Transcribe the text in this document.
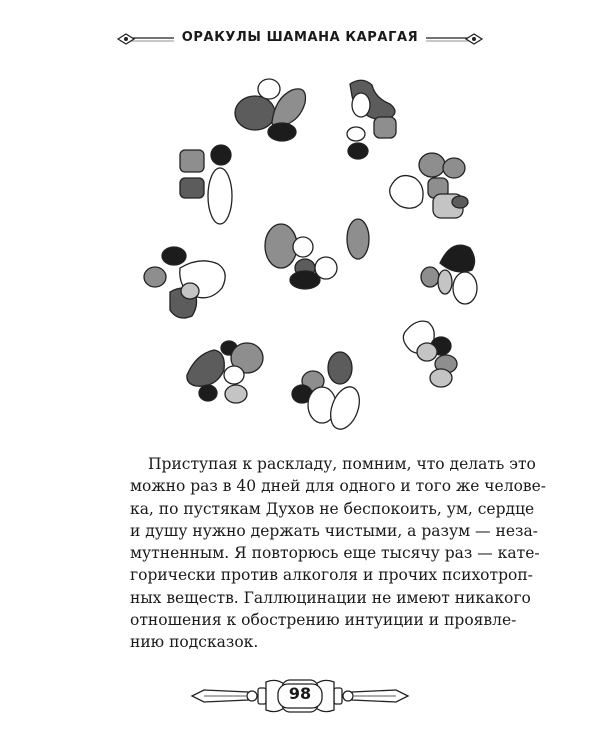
ОРАКУЛЫ ШАМАНА КАРАГАЯ
Приступая к раскладу, помним, что делать это
можно раз в 40 дней для одного и того же челове-
ка, по пустякам Духов не беспокоить, ум, сердце
и душу нужно держать чистыми, а разум — неза-
мутненным. Я повторюсь еще тысячу раз — кате-
горически против алкоголя и прочих психотроп-
ных веществ. Галлюцинации не имеют никакого
отношения к обострению интуиции и проявле-
нию подсказок.
98
